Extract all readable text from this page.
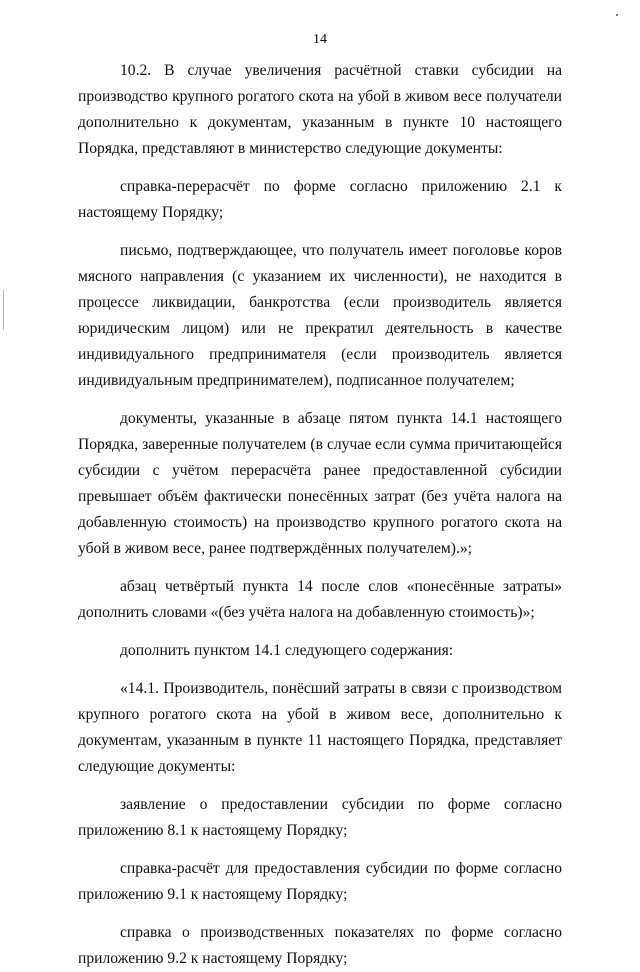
14

10.2. В случае увеличения расчётной ставки субсидии на производство крупного рогатого скота на убой в живом весе получатели дополнительно к документам, указанным в пункте 10 настоящего Порядка, представляют в министерство следующие документы:

справка-перерасчёт по форме согласно приложению 2.1 к настоящему Порядку;

письмо, подтверждающее, что получатель имеет поголовье коров мясного направления (с указанием их численности), не находится в процессе ликвидации, банкротства (если производитель является юридическим лицом) или не прекратил деятельность в качестве индивидуального предпринимателя (если производитель является индивидуальным предпринимателем), подписанное получателем;

документы, указанные в абзаце пятом пункта 14.1 настоящего Порядка, заверенные получателем (в случае если сумма причитающейся субсидии с учётом перерасчёта ранее предоставленной субсидии превышает объём фактически понесённых затрат (без учёта налога на добавленную стоимость) на производство крупного рогатого скота на убой в живом весе, ранее подтверждённых получателем).»;

абзац четвёртый пункта 14 после слов «понесённые затраты» дополнить словами «(без учёта налога на добавленную стоимость)»;

дополнить пунктом 14.1 следующего содержания:

«14.1. Производитель, понёсший затраты в связи с производством крупного рогатого скота на убой в живом весе, дополнительно к документам, указанным в пункте 11 настоящего Порядка, представляет следующие документы:

заявление о предоставлении субсидии по форме согласно приложению 8.1 к настоящему Порядку;

справка-расчёт для предоставления субсидии по форме согласно приложению 9.1 к настоящему Порядку;

справка о производственных показателях по форме согласно приложению 9.2 к настоящему Порядку;
